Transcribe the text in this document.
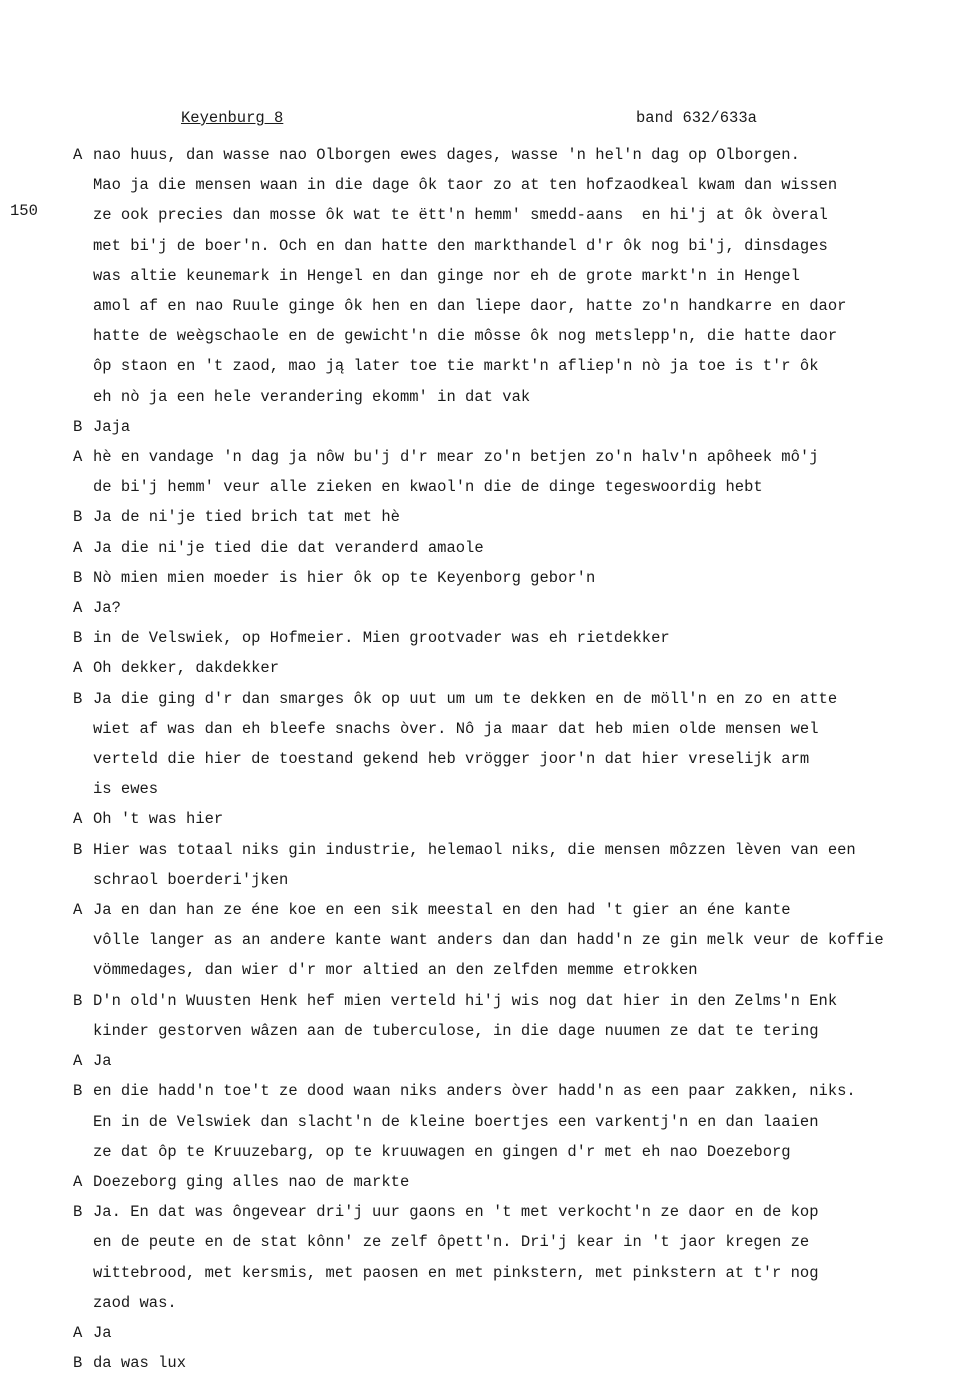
Keyenburg 8	band 632/633a
150
A nao huus, dan wasse nao Olborgen ewes dages, wasse 'n hel'n dag op Olborgen.
Mao ja die mensen waan in die dage ôk taor zo at ten hofzaodkeal kwam dan wissen
ze ook precies dan mosse ôk wat te ëtt'n hemm' smedd-aans  en hi'j at ôk òveral
met bi'j de boer'n. Och en dan hatte den markthandel d'r ôk nog bi'j, dinsdages
was altie keunemark in Hengel en dan ginge nor eh de grote markt'n in Hengel
amol af en nao Ruule ginge ôk hen en dan liepe daor, hatte zo'n handkarre en daor
hatte de weègschaole en de gewicht'n die môsse ôk nog metslepp'n, die hatte daor
ôp staon en 't zaod, mao ją later toe tie markt'n afliep'n nò ja toe is t'r ôk
eh nò ja een hele verandering ekomm' in dat vak
B Jaja
A hè en vandage 'n dag ja nôw bu'j d'r mear zo'n betjen zo'n halv'n apôheek mô'j
de bi'j hemm' veur alle zieken en kwaol'n die de dinge tegeswoordig hebt
B Ja de ni'je tied brich tat met hè
A Ja die ni'je tied die dat veranderd amaole
B Nò mien mien moeder is hier ôk op te Keyenborg gebor'n
A Ja?
B in de Velswiek, op Hofmeier. Mien grootvader was eh rietdekker
A Oh dekker, dakdekker
B Ja die ging d'r dan smarges ôk op uut um um te dekken en de möll'n en zo en atte
wiet af was dan eh bleefe snachs òver. Nô ja maar dat heb mien olde mensen wel
verteld die hier de toestand gekend heb vrögger joor'n dat hier vreselijk arm
is ewes
A Oh 't was hier
B Hier was totaal niks gin industrie, helemaol niks, die mensen môzzen lèven van een
schraol boerderi'jken
A Ja en dan han ze éne koe en een sik meestal en den had 't gier an éne kante
vôlle langer as an andere kante want anders dan dan hadd'n ze gin melk veur de koffie
vömmedages, dan wier d'r mor altied an den zelfden memme etrokken
B D'n old'n Wuusten Henk hef mien verteld hi'j wis nog dat hier in den Zelms'n Enk
kinder gestorven wâzen aan de tuberculose, in die dage nuumen ze dat te tering
A Ja
B en die hadd'n toe't ze dood waan niks anders òver hadd'n as een paar zakken, niks.
En in de Velswiek dan slacht'n de kleine boertjes een varkentj'n en dan laaien
ze dat ôp te Kruuzebarg, op te kruuwagen en gingen d'r met eh nao Doezeborg
A Doezeborg ging alles nao de markte
B Ja. En dat was ôngevear dri'j uur gaons en 't met verkocht'n ze daor en de kop
en de peute en de stat kônn' ze zelf ôpett'n. Dri'j kear in 't jaor kregen ze
wittebrood, met kersmis, met paosen en met pinkstern, met pinkstern at t'r nog
zaod was.
A Ja
B da was lux
